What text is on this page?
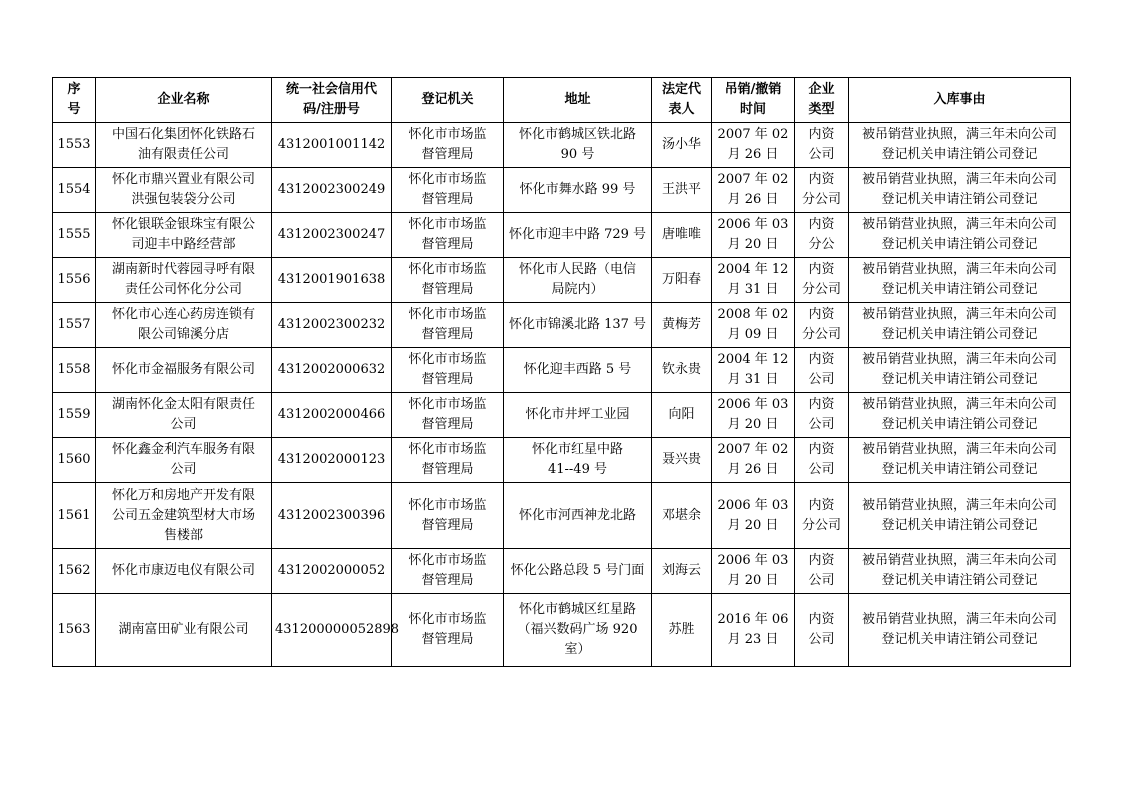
序
号	企业名称	统一社会信用代
码/注册号	登记机关	地址	法定代
表人	吊销/撤销
时间	企业
类型	入库事由
1553	中国石化集团怀化铁路石
油有限责任公司	4312001001142	怀化市市场监
督管理局	怀化市鹤城区铁北路
90 号	汤小华	2007 年 02
月 26 日	内资
公司	被吊销营业执照，满三年未向公司
登记机关申请注销公司登记
1554	怀化市鼎兴置业有限公司
洪强包装袋分公司	4312002300249	怀化市市场监
督管理局	怀化市舞水路 99 号	王洪平	2007 年 02
月 26 日	内资
分公司	被吊销营业执照，满三年未向公司
登记机关申请注销公司登记
1555	怀化银联金银珠宝有限公
司迎丰中路经营部	4312002300247	怀化市市场监
督管理局	怀化市迎丰中路 729 号	唐唯唯	2006 年 03
月 20 日	内资
分公	被吊销营业执照，满三年未向公司
登记机关申请注销公司登记
1556	湖南新时代蓉园寻呼有限
责任公司怀化分公司	4312001901638	怀化市市场监
督管理局	怀化市人民路（电信
局院内）	万阳春	2004 年 12
月 31 日	内资
分公司	被吊销营业执照，满三年未向公司
登记机关申请注销公司登记
1557	怀化市心连心药房连锁有
限公司锦溪分店	4312002300232	怀化市市场监
督管理局	怀化市锦溪北路 137 号	黄梅芳	2008 年 02
月 09 日	内资
分公司	被吊销营业执照，满三年未向公司
登记机关申请注销公司登记
1558	怀化市金福服务有限公司	4312002000632	怀化市市场监
督管理局	怀化迎丰西路 5 号	钦永贵	2004 年 12
月 31 日	内资
公司	被吊销营业执照，满三年未向公司
登记机关申请注销公司登记
1559	湖南怀化金太阳有限责任
公司	4312002000466	怀化市市场监
督管理局	怀化市井坪工业园	向阳	2006 年 03
月 20 日	内资
公司	被吊销营业执照，满三年未向公司
登记机关申请注销公司登记
1560	怀化鑫金利汽车服务有限
公司	4312002000123	怀化市市场监
督管理局	怀化市红星中路
41--49 号	聂兴贵	2007 年 02
月 26 日	内资
公司	被吊销营业执照，满三年未向公司
登记机关申请注销公司登记
1561	怀化万和房地产开发有限
公司五金建筑型材大市场
售楼部	4312002300396	怀化市市场监
督管理局	怀化市河西神龙北路	邓堪余	2006 年 03
月 20 日	内资
分公司	被吊销营业执照，满三年未向公司
登记机关申请注销公司登记
1562	怀化市康迈电仪有限公司	4312002000052	怀化市市场监
督管理局	怀化公路总段 5 号门面	刘海云	2006 年 03
月 20 日	内资
公司	被吊销营业执照，满三年未向公司
登记机关申请注销公司登记
1563	湖南富田矿业有限公司	431200000052898	怀化市市场监
督管理局	怀化市鹤城区红星路
（福兴数码广场 920
室）	苏胜	2016 年 06
月 23 日	内资
公司	被吊销营业执照，满三年未向公司
登记机关申请注销公司登记
